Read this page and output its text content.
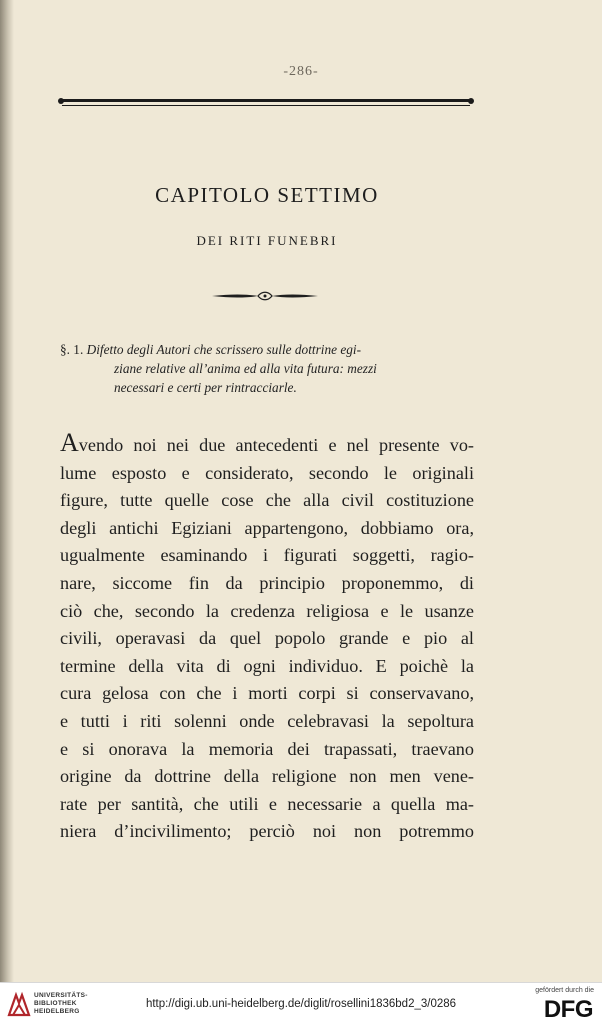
-286-
CAPITOLO SETTIMO
DEI RITI FUNEBRI
§. 1. Difetto degli Autori che scrissero sulle dottrine egi-
ziane relative all’anima ed alla vita futura: mezzi
necessari e certi per rintracciarle.
Avendo noi nei due antecedenti e nel presente vo-
lume esposto e considerato, secondo le originali
figure, tutte quelle cose che alla civil costituzione
degli antichi Egiziani appartengono, dobbiamo ora,
ugualmente esaminando i figurati soggetti, ragio-
nare, siccome fin da principio proponemmo, di
ciò che, secondo la credenza religiosa e le usanze
civili, operavasi da quel popolo grande e pio al
termine della vita di ogni individuo. E poichè la
cura gelosa con che i morti corpi si conservavano,
e tutti i riti solenni onde celebravasi la sepoltura
e si onorava la memoria dei trapassati, traevano
origine da dottrine della religione non men vene-
rate per santità, che utili e necessarie a quella ma-
niera d’incivilimento; perciò noi non potremmo
UNIVERSITÄTS-
BIBLIOTHEK
HEIDELBERG
http://digi.ub.uni-heidelberg.de/diglit/rosellini1836bd2_3/0286
gefördert durch die
DFG
